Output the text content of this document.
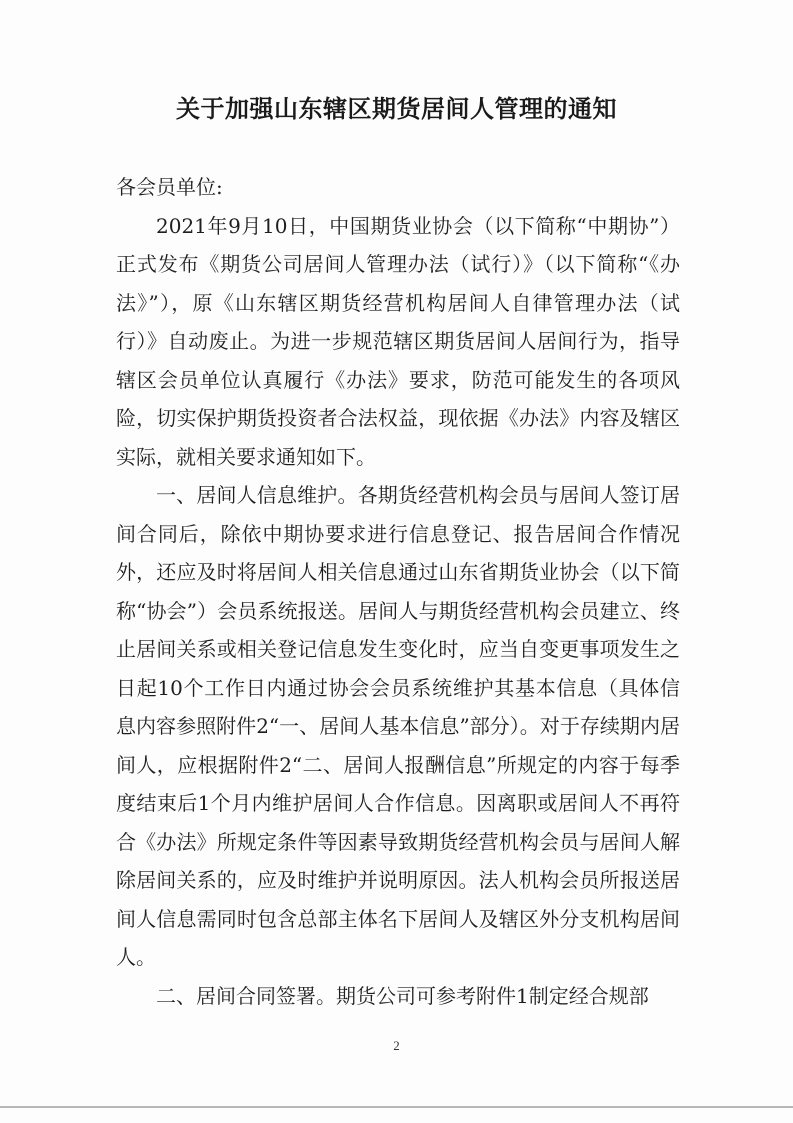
关于加强山东辖区期货居间人管理的通知

各会员单位:

2021年9月10日，中国期货业协会（以下简称“中期协”）正式发布《期货公司居间人管理办法（试行）》（以下简称“《办法》”），原《山东辖区期货经营机构居间人自律管理办法（试行）》自动废止。为进一步规范辖区期货居间人居间行为，指导辖区会员单位认真履行《办法》要求，防范可能发生的各项风险，切实保护期货投资者合法权益，现依据《办法》内容及辖区实际，就相关要求通知如下。

一、居间人信息维护。各期货经营机构会员与居间人签订居间合同后，除依中期协要求进行信息登记、报告居间合作情况外，还应及时将居间人相关信息通过山东省期货业协会（以下简称“协会”）会员系统报送。居间人与期货经营机构会员建立、终止居间关系或相关登记信息发生变化时，应当自变更事项发生之日起10个工作日内通过协会会员系统维护其基本信息（具体信息内容参照附件2“一、居间人基本信息”部分）。对于存续期内居间人，应根据附件2“二、居间人报酬信息”所规定的内容于每季度结束后1个月内维护居间人合作信息。因离职或居间人不再符合《办法》所规定条件等因素导致期货经营机构会员与居间人解除居间关系的，应及时维护并说明原因。法人机构会员所报送居间人信息需同时包含总部主体名下居间人及辖区外分支机构居间人。

二、居间合同签署。期货公司可参考附件1制定经合规部

2
